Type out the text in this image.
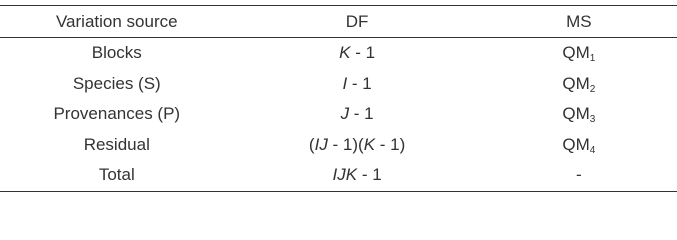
Variation source	DF	MS
Blocks	K - 1	$QM_1$
Species (S)	I - 1	$QM_2$
Provenances (P)	J - 1	$QM_3$
Residual	(IJ - 1)(K - 1)	$QM_4$
Total	IJK - 1	-
